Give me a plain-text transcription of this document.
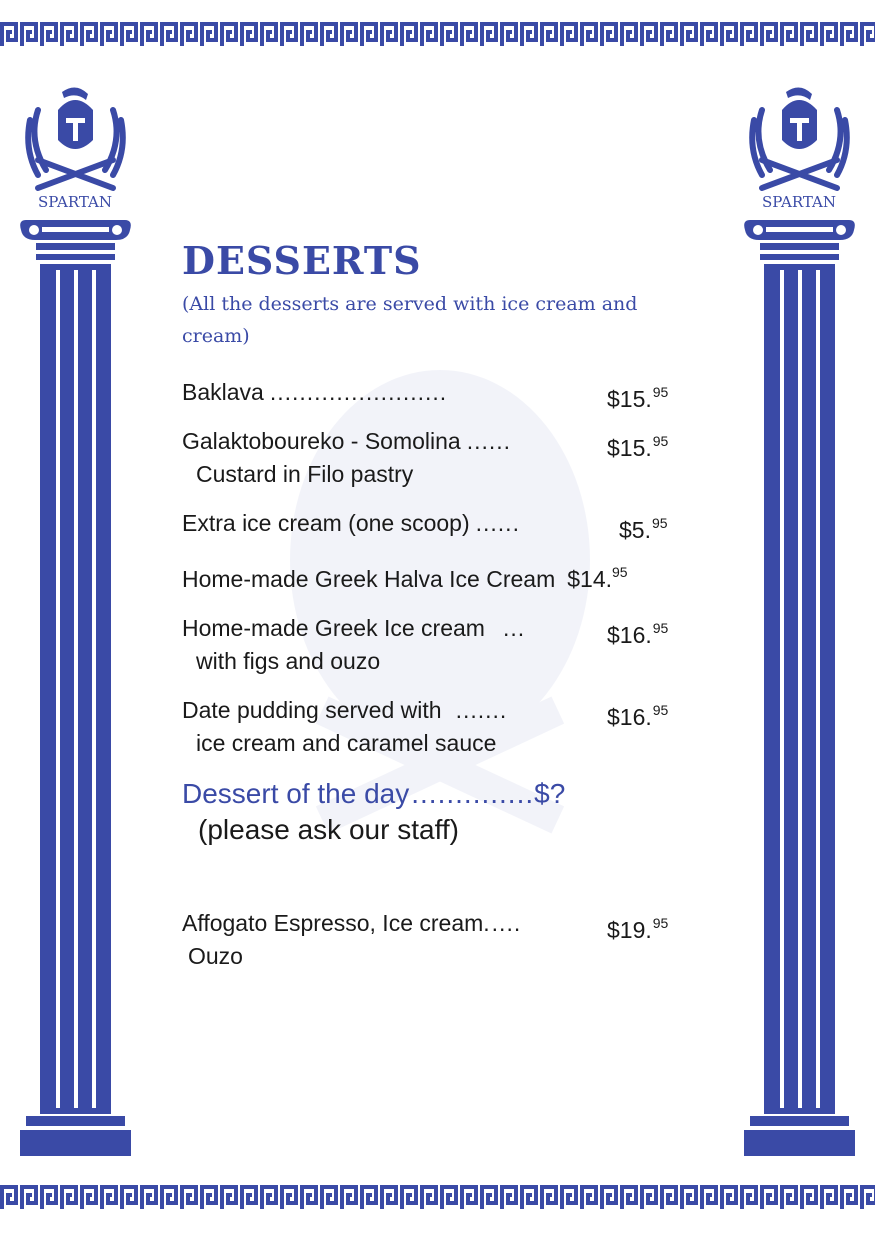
SPARTAN	SPARTAN
DESSERTS
(All the desserts are served with ice cream and cream)
Baklava ........................	$15.95
Galaktoboureko - Somolina ......	$15.95
Custard in Filo pastry
Extra ice cream (one scoop) ......	$5.95
Home-made Greek Halva Ice Cream $14.95
Home-made Greek Ice cream ...	$16.95
with figs and ouzo
Date pudding served with .......	$16.95
ice cream and caramel sauce
Dessert of the day .............. $?
(please ask our staff)
Affogato Espresso, Ice cream. ....	$19.95
Ouzo
